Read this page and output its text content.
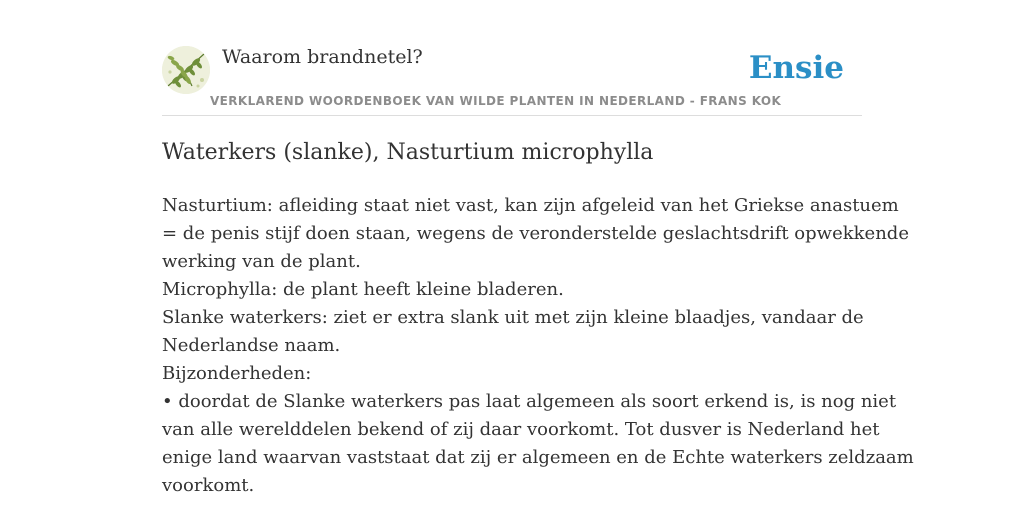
Waarom brandnetel?	Ensie
VERKLAREND WOORDENBOEK VAN WILDE PLANTEN IN NEDERLAND - FRANS KOK
Waterkers (slanke), Nasturtium microphylla
Nasturtium: afleiding staat niet vast, kan zijn afgeleid van het Griekse anastuem
= de penis stijf doen staan, wegens de veronderstelde geslachtsdrift opwekkende
werking van de plant.
Microphylla: de plant heeft kleine bladeren.
Slanke waterkers: ziet er extra slank uit met zijn kleine blaadjes, vandaar de
Nederlandse naam.
Bijzonderheden:
• doordat de Slanke waterkers pas laat algemeen als soort erkend is, is nog niet
van alle werelddelen bekend of zij daar voorkomt. Tot dusver is Nederland het
enige land waarvan vaststaat dat zij er algemeen en de Echte waterkers zeldzaam
voorkomt.
